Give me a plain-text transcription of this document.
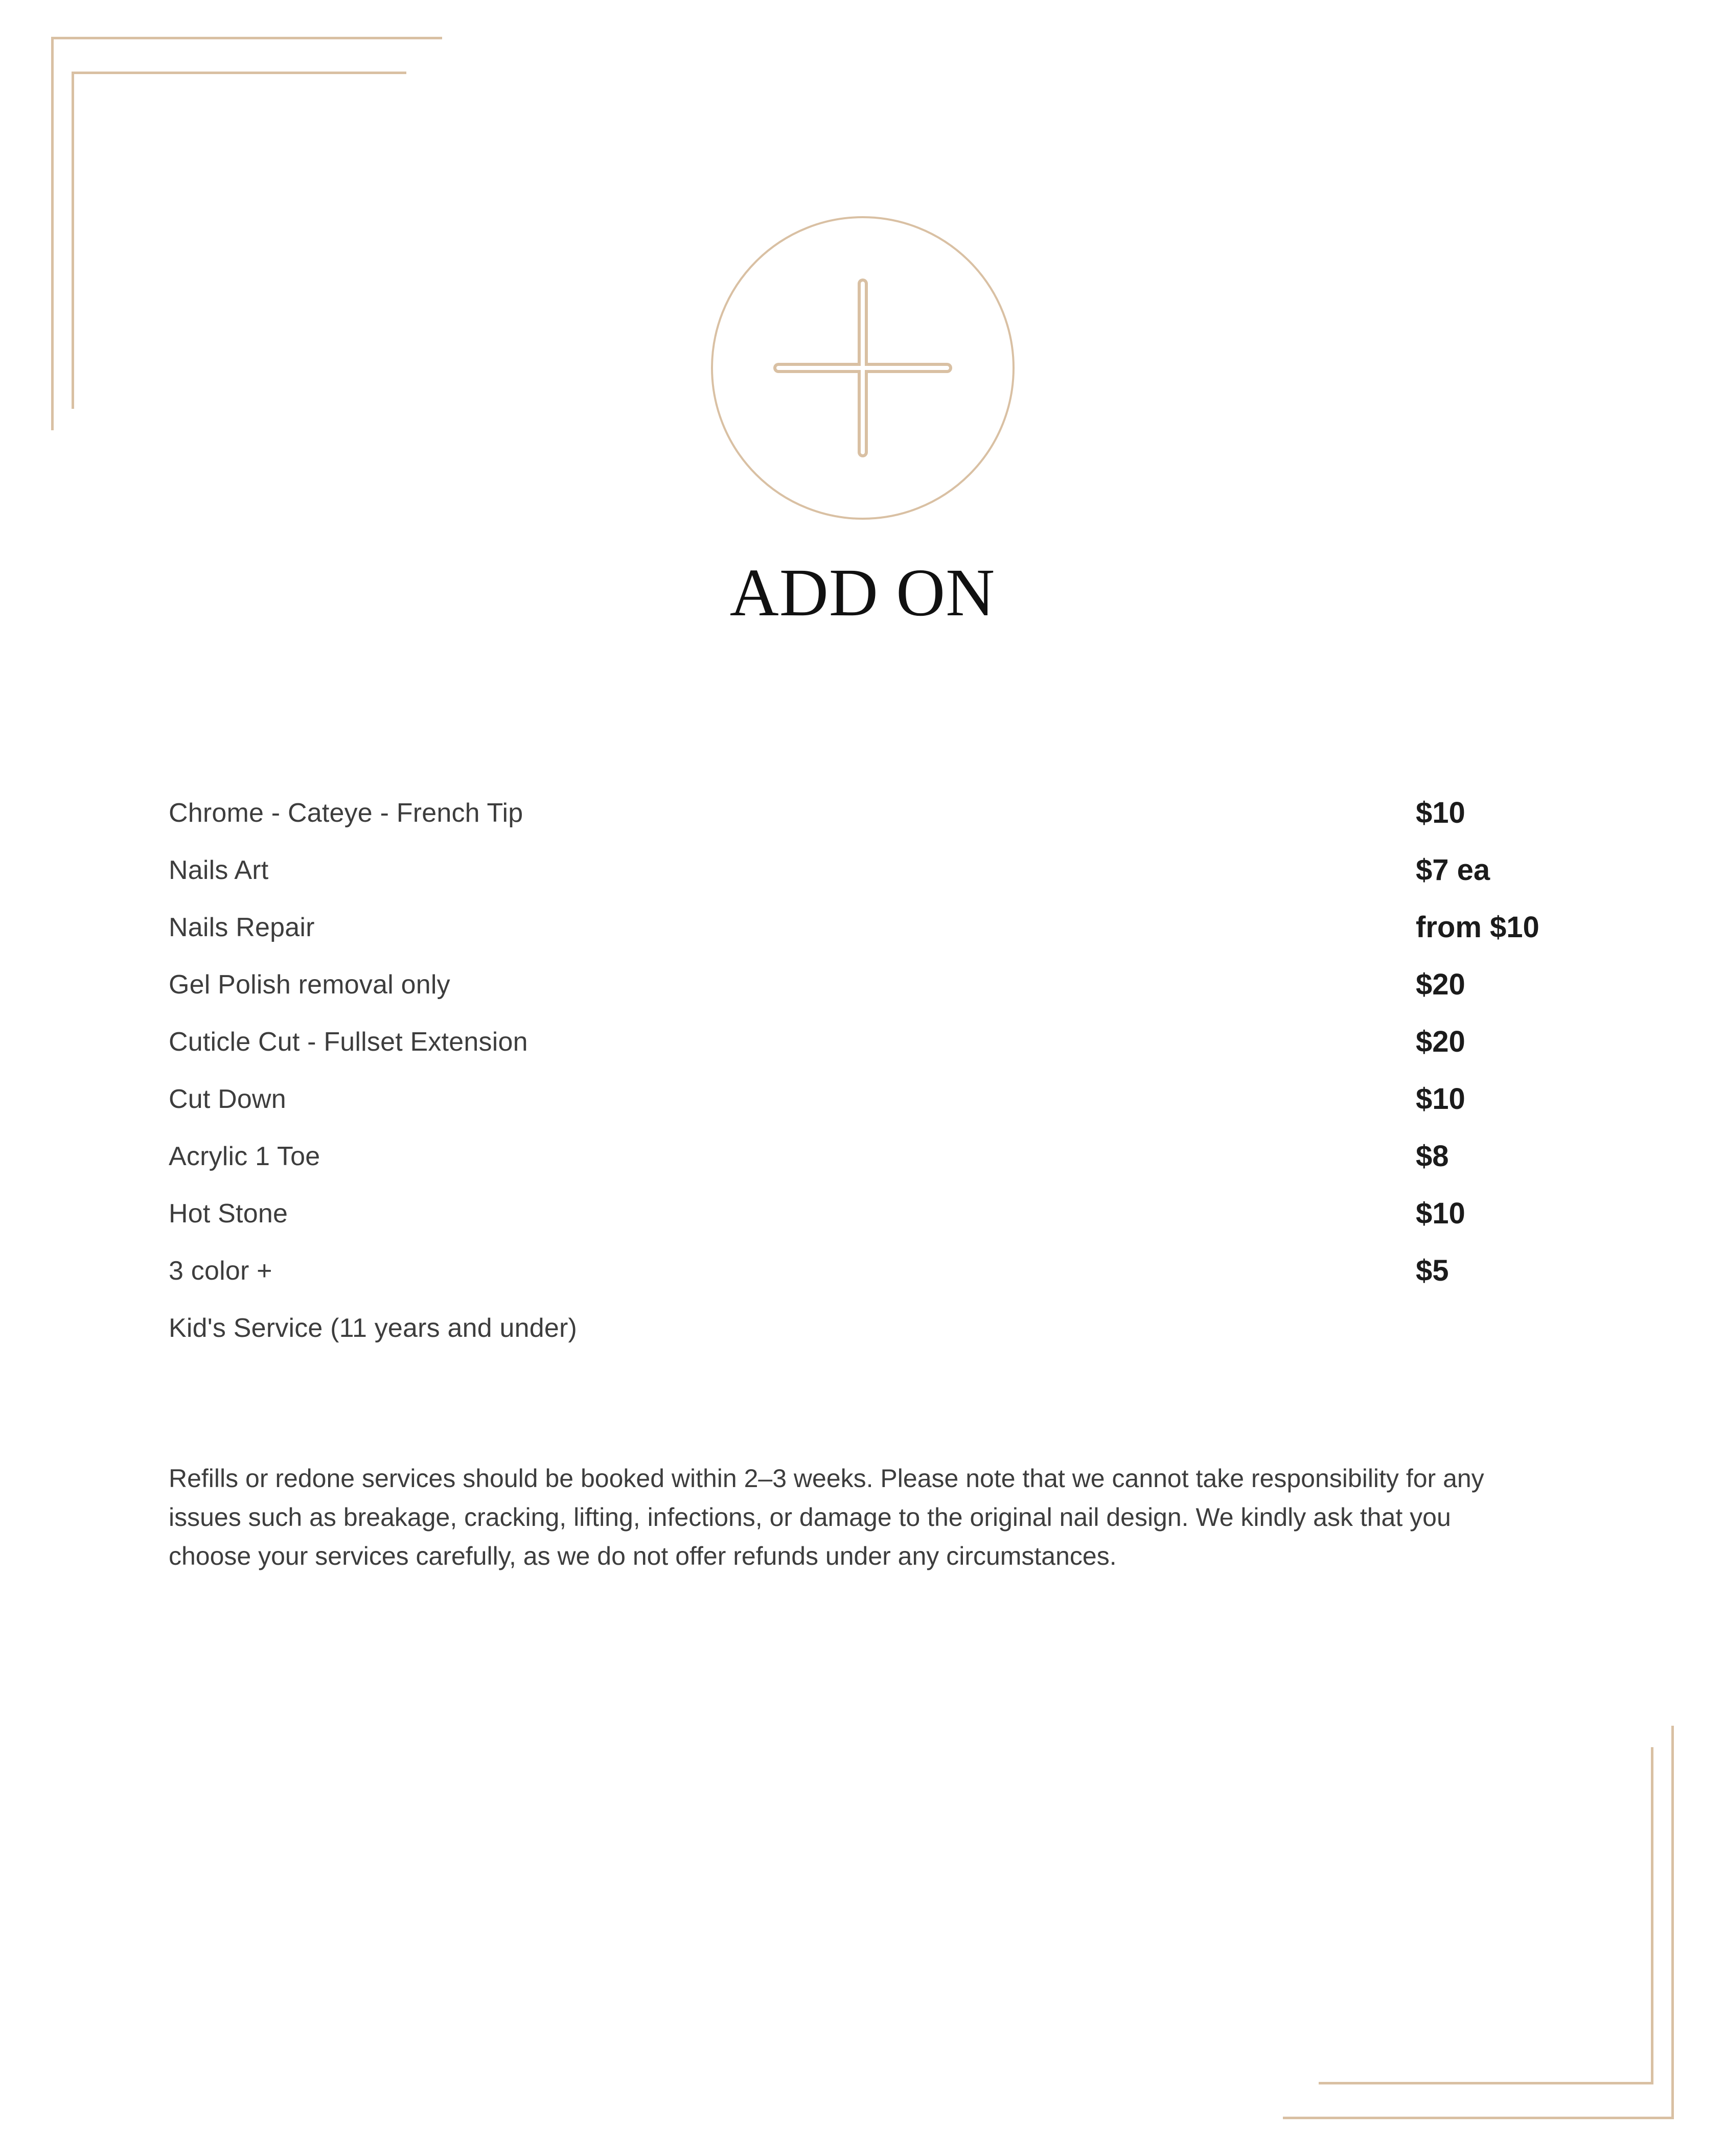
ADD ON
Chrome - Cateye - French Tip	$10
Nails Art	$7 ea
Nails Repair	from $10
Gel Polish removal only	$20
Cuticle Cut - Fullset Extension	$20
Cut Down	$10
Acrylic 1 Toe	$8
Hot Stone	$10
3 color +	$5
Kid's Service (11 years and under)
Refills or redone services should be booked within 2–3 weeks. Please note that we cannot take responsibility for any issues such as breakage, cracking, lifting, infections, or damage to the original nail design. We kindly ask that you choose your services carefully, as we do not offer refunds under any circumstances.
